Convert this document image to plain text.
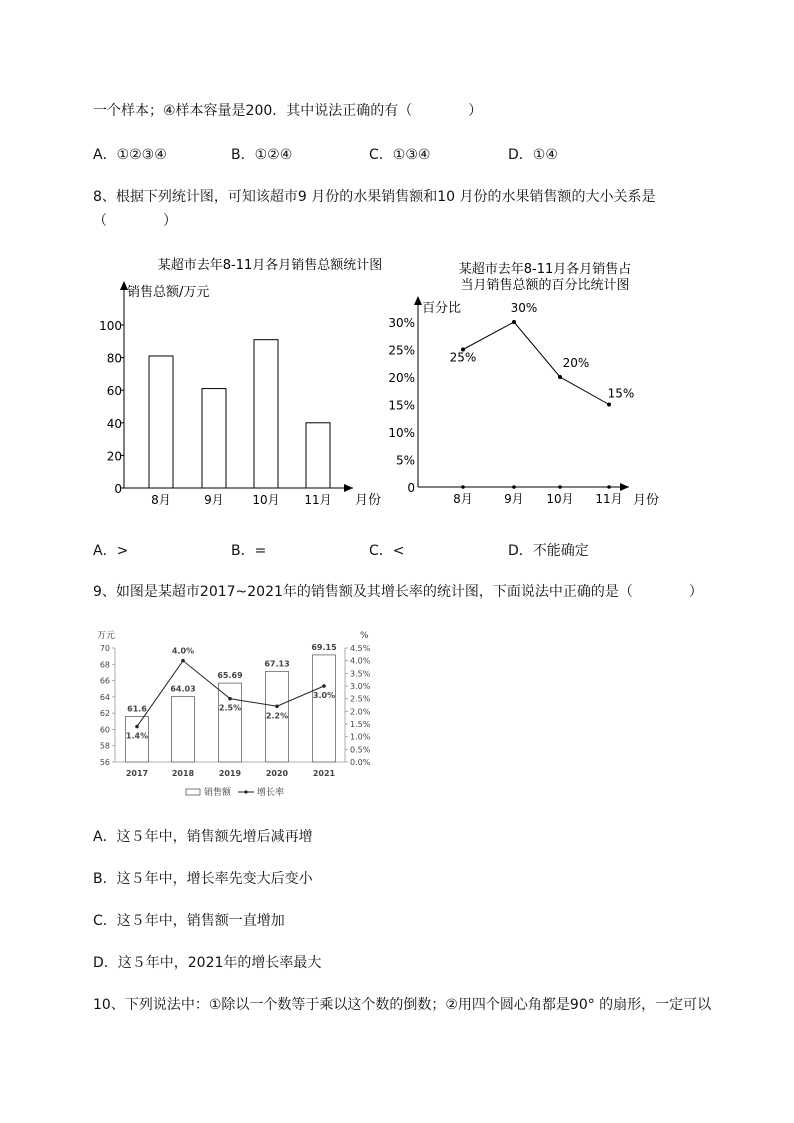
一个样本；④样本容量是200．其中说法正确的有（　　　　）
A．①②③④	B．①②④	C．①③④	D．①④
8、根据下列统计图，可知该超市9 月份的水果销售额和10 月份的水果销售额的大小关系是
（　　　　）
某超市去年8-11月各月销售总额统计图
销售总额/万元
月份
0
20
40
60
80
100
8月	9月 10月 11月
某超市去年8-11月各月销售占
当月销售总额的百分比统计图
百分比
月份
0
5%
10%
15%
20%
25%
30%
8月	9月 10月 11月
25%
30%
20%
15%
A．>	B．=	C．<	D．不能确定
9、如图是某超市2017~2021年的销售额及其增长率的统计图，下面说法中正确的是（　　　　）
万元	%
56
58
60
62
64
66
68
70
0.0%
0.5%
1.0%
1.5%
2.0%
2.5%
3.0%
3.5%
4.0%
4.5%
2017	2018	2019	2020	2021
61.6
64.03
65.69
67.13
69.15
1.4%
4.0%
2.5%
2.2%
3.0%
销售额	增长率
A．这５年中，销售额先增后减再增
B．这５年中，增长率先变大后变小
C．这５年中，销售额一直增加
D．这５年中，2021年的增长率最大
10、下列说法中：①除以一个数等于乘以这个数的倒数；②用四个圆心角都是90° 的扇形，一定可以
